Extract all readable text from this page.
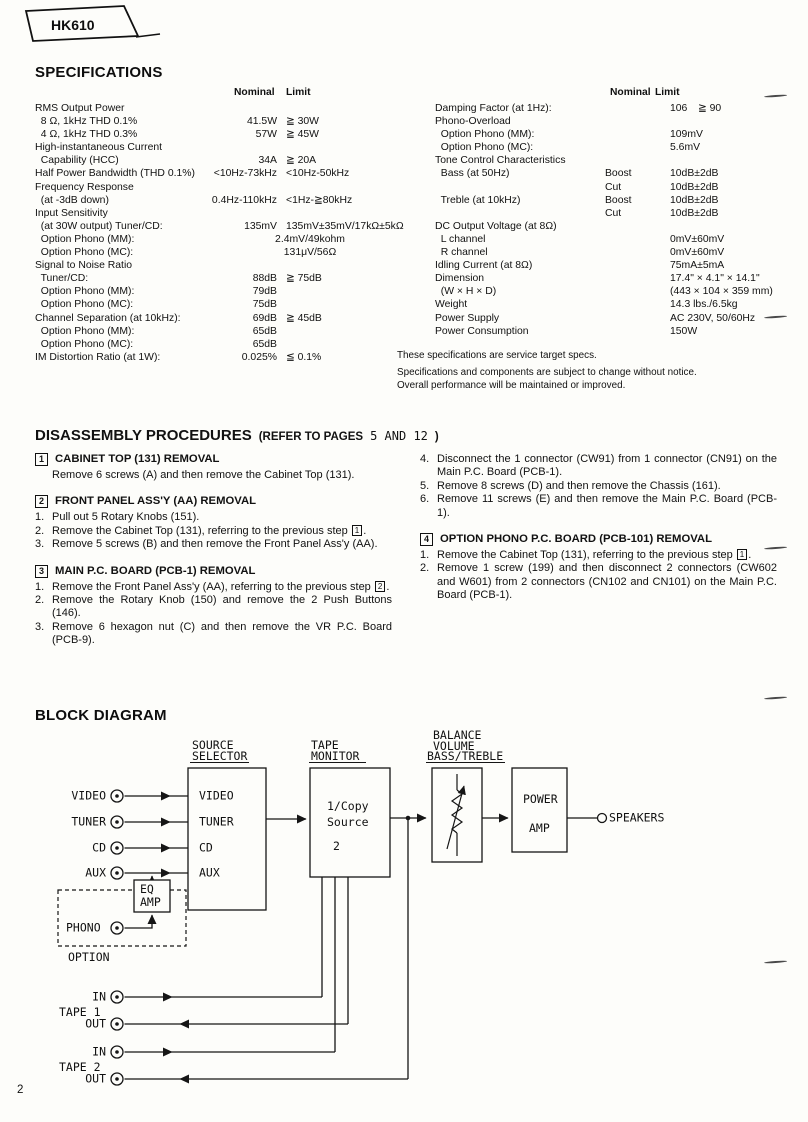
HK610
SPECIFICATIONS
Nominal Limit	Nominal Limit
RMS Output Power
8 Ω, 1kHz THD 0.1%	41.5W ≧ 30W
4 Ω, 1kHz THD 0.3%	57W ≧ 45W
High-instantaneous Current
Capability (HCC)	34A ≧ 20A
Half Power Bandwidth (THD 0.1%)	<10Hz-73kHz <10Hz-50kHz
Frequency Response
(at -3dB down)	0.4Hz-110kHz <1Hz-≧80kHz
Input Sensitivity
(at 30W output) Tuner/CD:	135mV 135mV±35mV/17kΩ±5kΩ
Option Phono (MM):	2.4mV/49kohm
Option Phono (MC):	131μV/56Ω
Signal to Noise Ratio
Tuner/CD:	88dB ≧ 75dB
Option Phono (MM):	79dB
Option Phono (MC):	75dB
Channel Separation (at 10kHz):	69dB ≧ 45dB
Option Phono (MM):	65dB
Option Phono (MC):	65dB
IM Distortion Ratio (at 1W):	0.025% ≦ 0.1%
Damping Factor (at 1Hz):	106	≧ 90
Phono-Overload
Option Phono (MM):	109mV
Option Phono (MC):	5.6mV
Tone Control Characteristics
Bass (at 50Hz)	Boost	10dB±2dB
Cut	10dB±2dB
Treble (at 10kHz)	Boost	10dB±2dB
Cut	10dB±2dB
DC Output Voltage (at 8Ω)
L channel	0mV±60mV
R channel	0mV±60mV
Idling Current (at 8Ω)	75mA±5mA
Dimension	17.4" × 4.1" × 14.1"
(W × H × D)	(443 × 104 × 359 mm)
Weight	14.3 lbs./6.5kg
Power Supply	AC 230V, 50/60Hz
Power Consumption	150W

These specifications are service target specs.

Specifications and components are subject to change without notice.

Overall performance will be maintained or improved.

DISASSEMBLY PROCEDURES (REFER TO PAGES 5 AND 12 )
1 CABINET TOP (131) REMOVAL
Remove 6 screws (A) and then remove the Cabinet Top (131).
2 FRONT PANEL ASS'Y (AA) REMOVAL
1. Pull out 5 Rotary Knobs (151).
2. Remove the Cabinet Top (131), referring to the previous step 1 .
3. Remove 5 screws (B) and then remove the Front Panel Ass'y (AA).
3 MAIN P.C. BOARD (PCB-1) REMOVAL
1. Remove the Front Panel Ass'y (AA), referring to the previous step 2 .
2. Remove the Rotary Knob (150) and remove the 2 Push Buttons (146).
3. Remove 6 hexagon nut (C) and then remove the VR P.C. Board (PCB-9).
4. Disconnect the 1 connector (CW91) from 1 connector (CN91) on the Main P.C. Board (PCB-1).
5. Remove 8 screws (D) and then remove the Chassis (161).
6. Remove 11 screws (E) and then remove the Main P.C. Board (PCB-1).
4 OPTION PHONO P.C. BOARD (PCB-101) REMOVAL
1. Remove the Cabinet Top (131), referring to the previous step 1 .
2. Remove 1 screw (199) and then disconnect 2 connectors (CW602 and W601) from 2 connectors (CN102 and CN101) on the Main P.C. Board (PCB-1).
BLOCK DIAGRAM
SOURCE
SELECTOR
TAPE
MONITOR
BALANCE
VOLUME
BASS/TREBLE
VIDEO
TUNER
CD
AUX
VIDEO
TUNER
CD
AUX
1/Copy
Source
2
POWER
AMP
EQ
AMP
PHONO
OPTION
SPEAKERS
IN
TAPE 1
OUT
IN
TAPE 2
OUT
2
